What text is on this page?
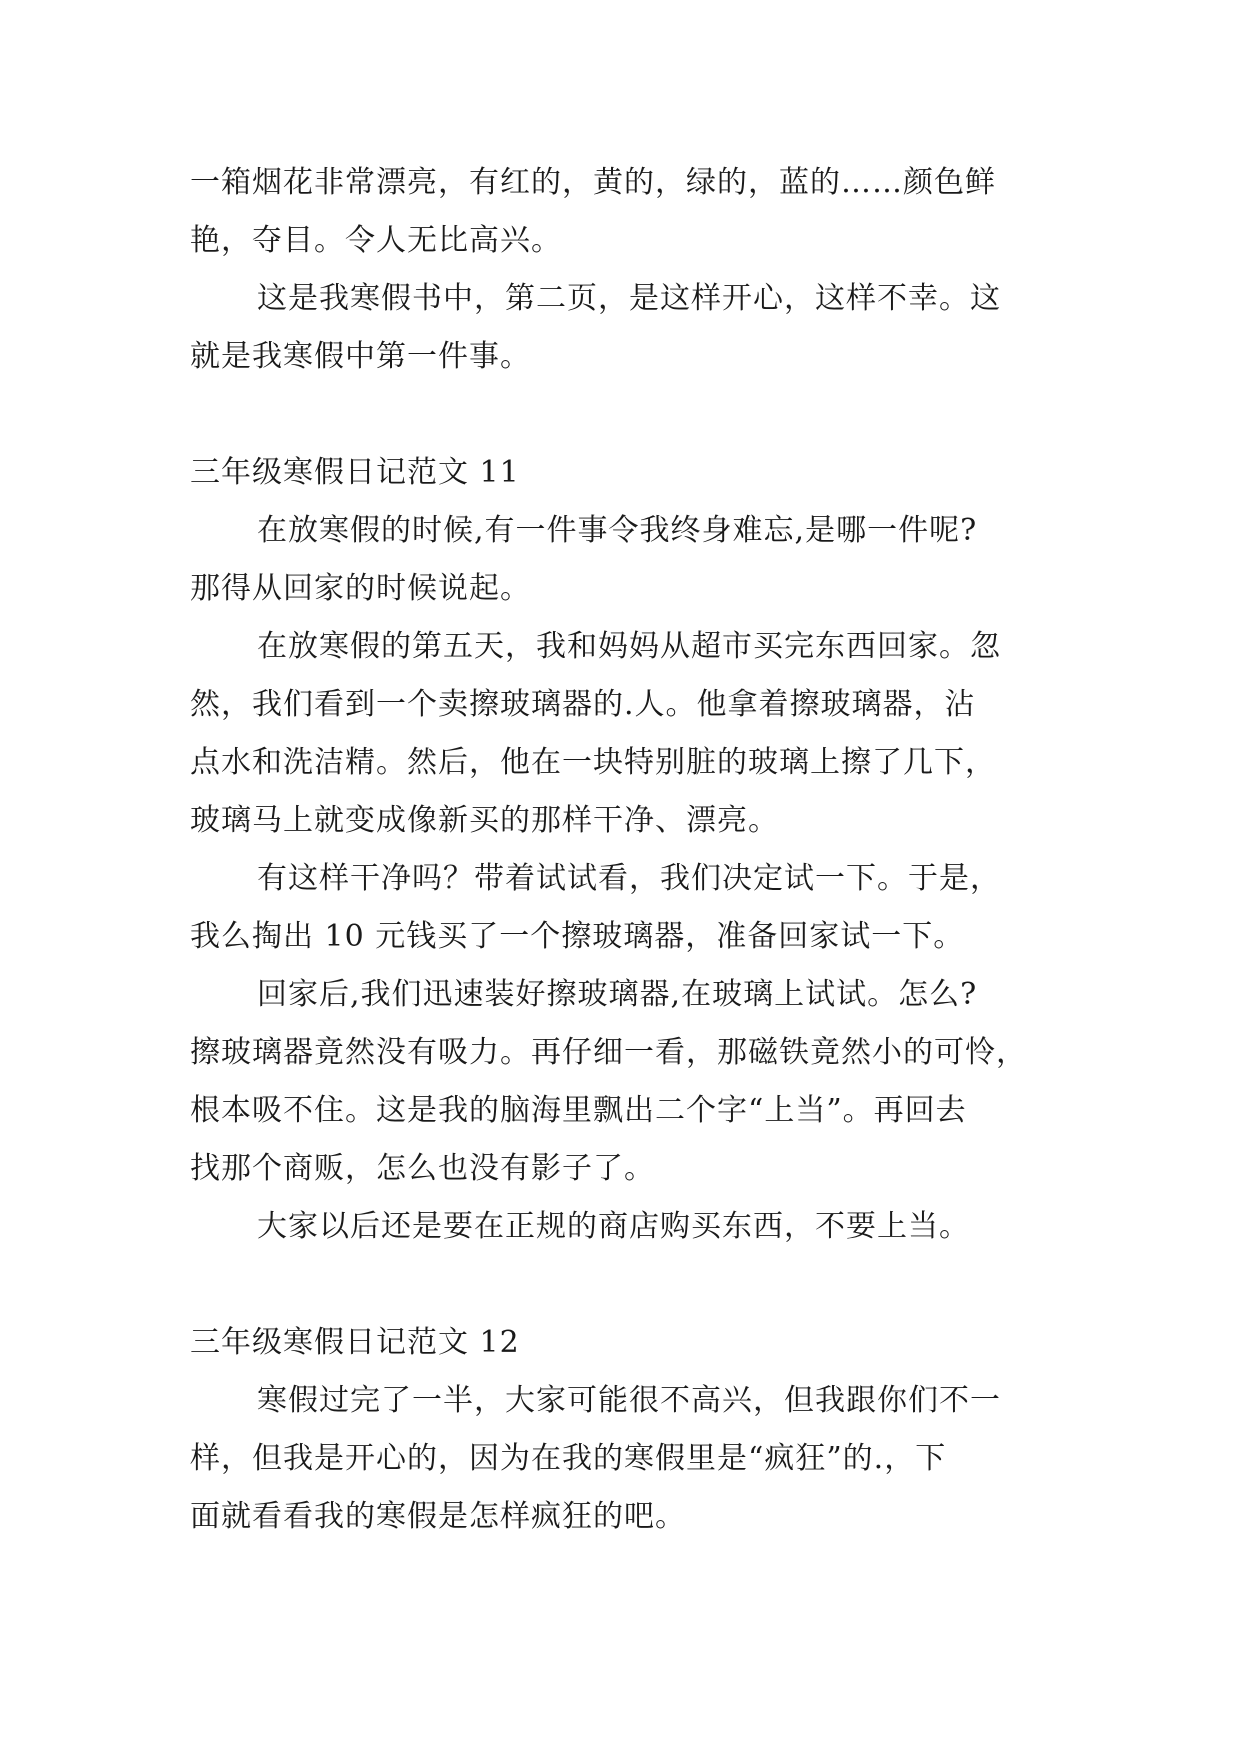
一箱烟花非常漂亮，有红的，黄的，绿的，蓝的……颜色鲜
艳，夺目。令人无比高兴。
这是我寒假书中，第二页，是这样开心，这样不幸。这
就是我寒假中第一件事。
三年级寒假日记范文 11
在放寒假的时候,有一件事令我终身难忘,是哪一件呢?
那得从回家的时候说起。
在放寒假的第五天，我和妈妈从超市买完东西回家。忽
然，我们看到一个卖擦玻璃器的.人。他拿着擦玻璃器，沾
点水和洗洁精。然后，他在一块特别脏的玻璃上擦了几下，
玻璃马上就变成像新买的那样干净、漂亮。
有这样干净吗？带着试试看，我们决定试一下。于是，
我么掏出 10 元钱买了一个擦玻璃器，准备回家试一下。
回家后,我们迅速装好擦玻璃器,在玻璃上试试。怎么?
擦玻璃器竟然没有吸力。再仔细一看，那磁铁竟然小的可怜，
根本吸不住。这是我的脑海里飘出二个字“上当”。再回去
找那个商贩，怎么也没有影子了。
大家以后还是要在正规的商店购买东西，不要上当。
三年级寒假日记范文 12
寒假过完了一半，大家可能很不高兴，但我跟你们不一
样，但我是开心的，因为在我的寒假里是“疯狂”的.，下
面就看看我的寒假是怎样疯狂的吧。
